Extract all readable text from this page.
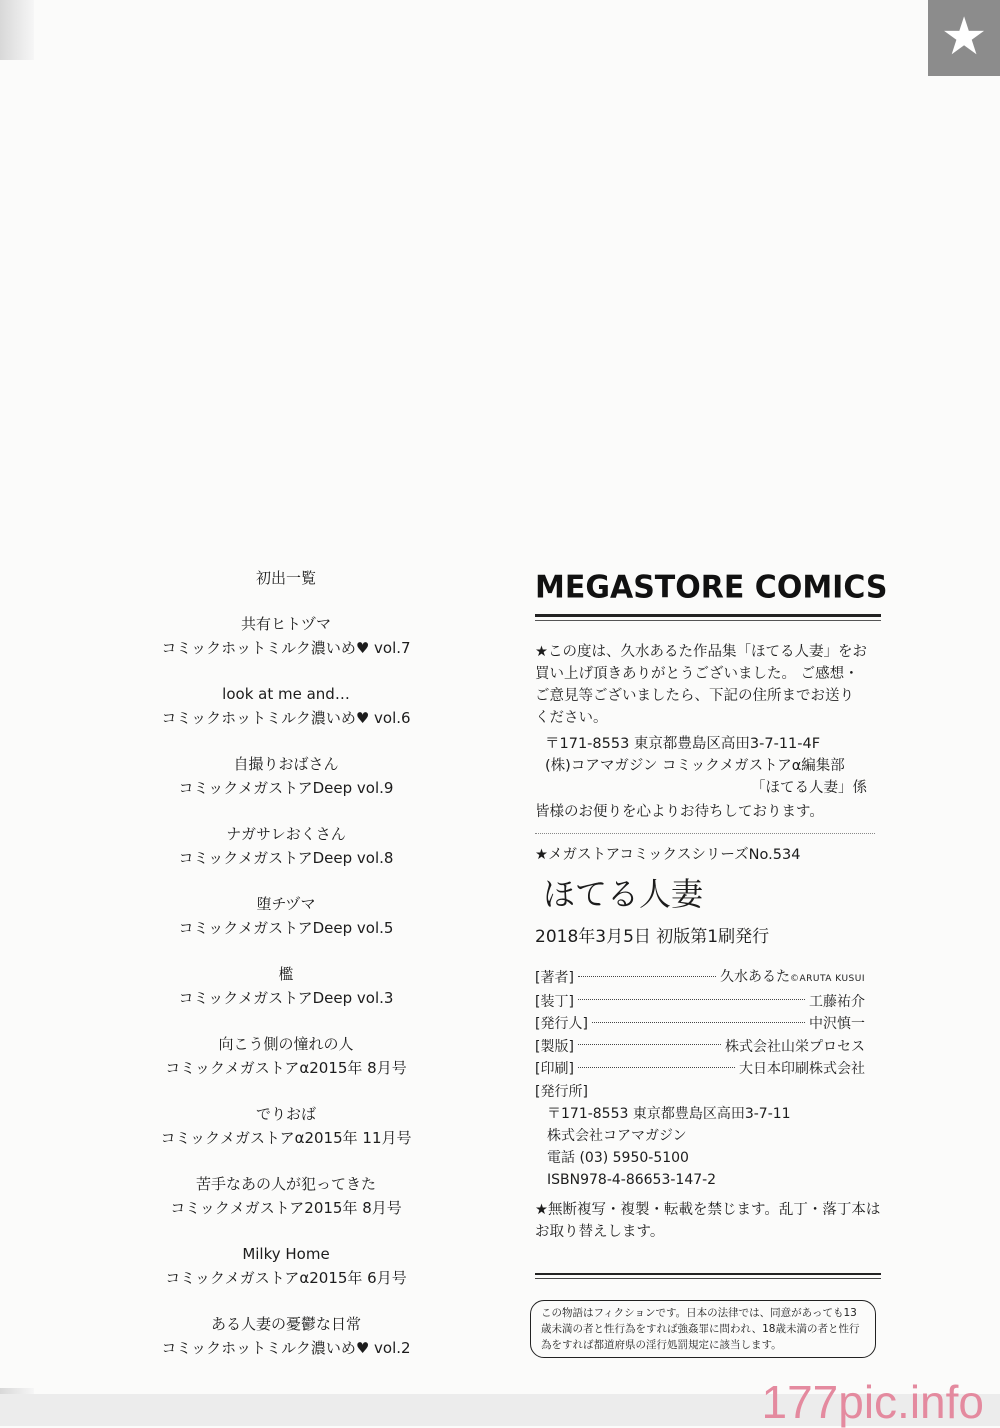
★
初出一覧
共有ヒトヅマ
コミックホットミルク濃いめ♥ vol.7
look at me and…
コミックホットミルク濃いめ♥ vol.6
自撮りおばさん
コミックメガストアDeep vol.9
ナガサレおくさん
コミックメガストアDeep vol.8
堕チヅマ
コミックメガストアDeep vol.5
檻
コミックメガストアDeep vol.3
向こう側の憧れの人
コミックメガストアα2015年 8月号
でりおば
コミックメガストアα2015年 11月号
苦手なあの人が犯ってきた
コミックメガストア2015年 8月号
Milky Home
コミックメガストアα2015年 6月号
ある人妻の憂鬱な日常
コミックホットミルク濃いめ♥ vol.2
MEGASTORE COMICS
★この度は、久水あるた作品集「ほてる人妻」をお買い上げ頂きありがとうございました。 ご感想・ご意見等ございましたら、下記の住所までお送りください。
〒171-8553 東京都豊島区高田3-7-11-4F
(株)コアマガジン コミックメガストアα編集部
「ほてる人妻」係
皆様のお便りを心よりお待ちしております。
★メガストアコミックスシリーズNo.534
ほてる人妻
2018年3月5日 初版第1刷発行
[著者]	久水あるた©ARUTA KUSUI
[装丁]	工藤祐介
[発行人]	中沢慎一
[製版]	株式会社山栄プロセス
[印刷]	大日本印刷株式会社
[発行所]
〒171-8553 東京都豊島区高田3-7-11
株式会社コアマガジン
電話 (03) 5950-5100
ISBN978-4-86653-147-2
★無断複写・複製・転載を禁じます。乱丁・落丁本はお取り替えします。
この物語はフィクションです。日本の法律では、同意があっても13歳未満の者と性行為をすれば強姦罪に問われ、18歳未満の者と性行為をすれば都道府県の淫行処罰規定に該当します。
177pic.info
